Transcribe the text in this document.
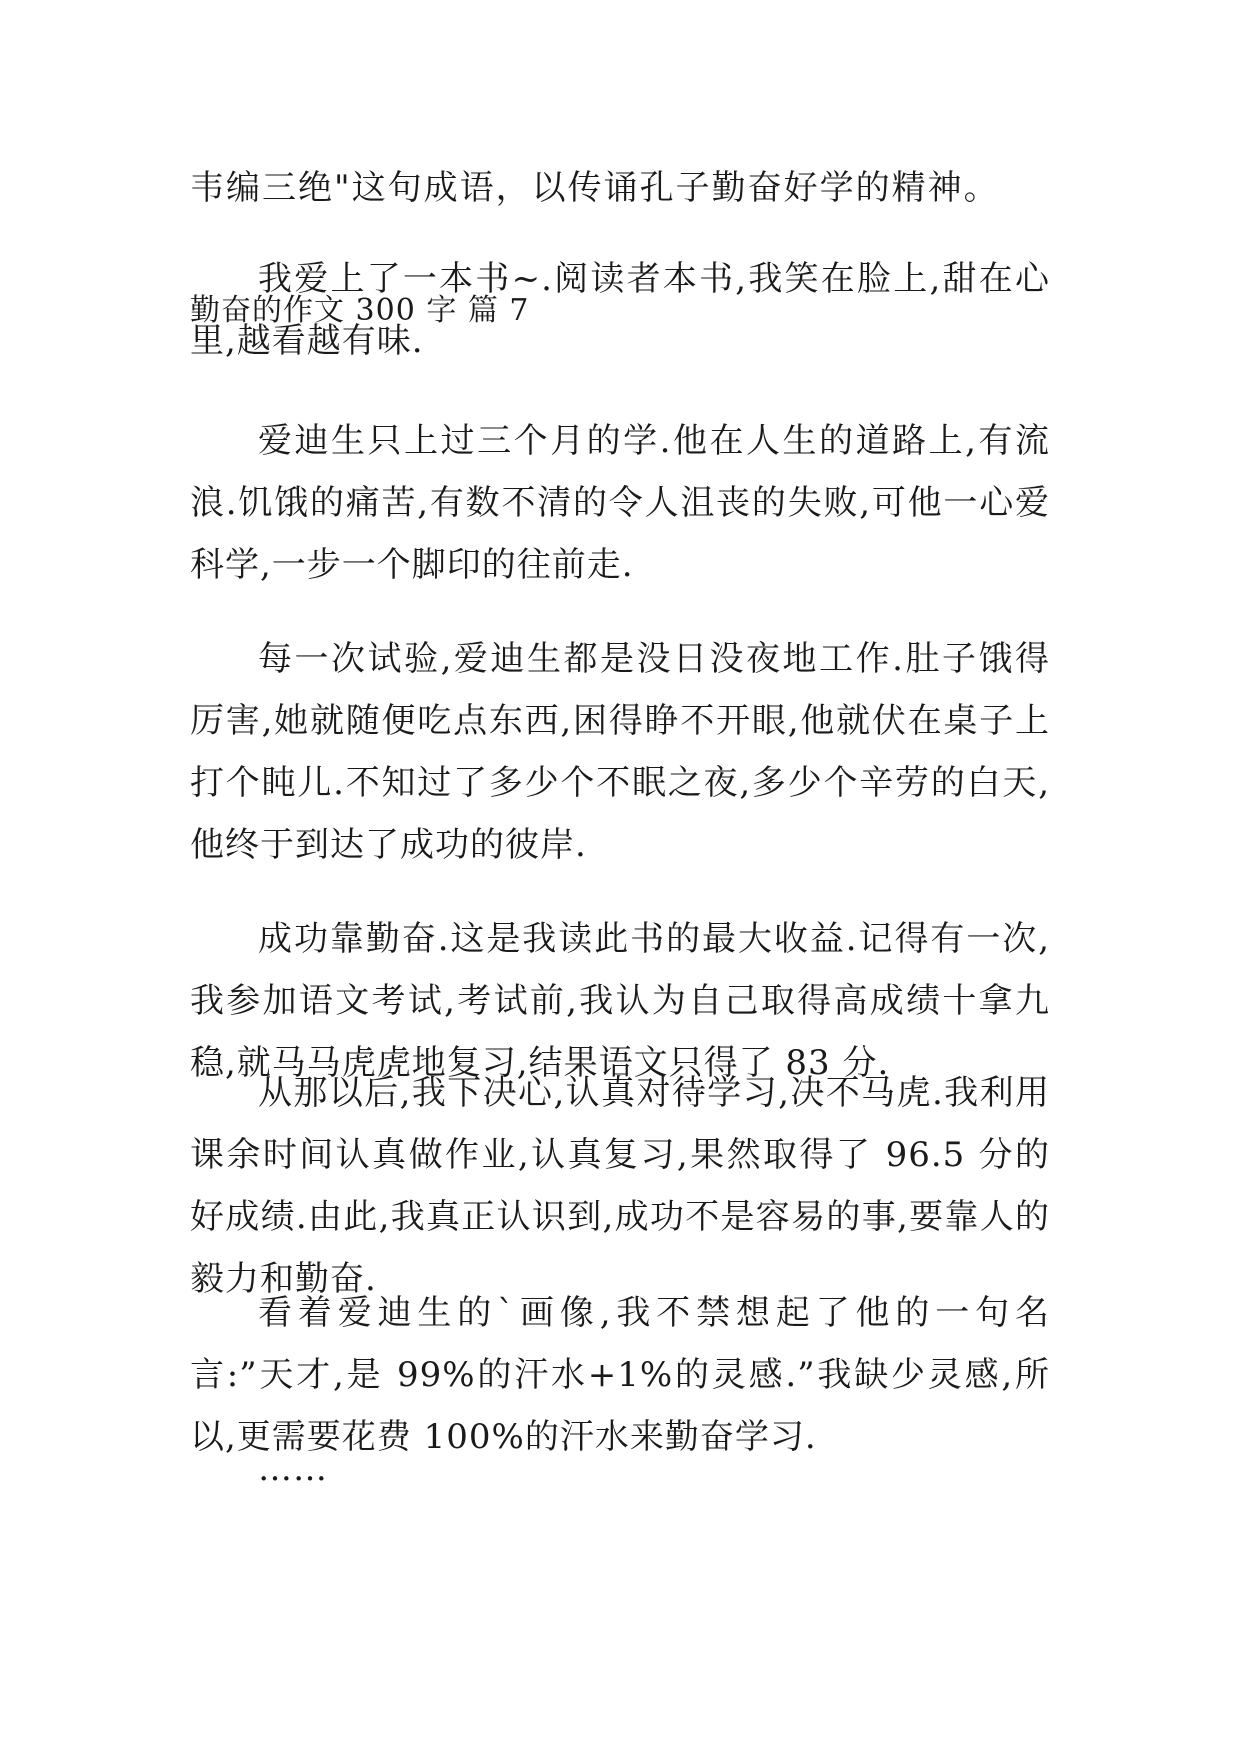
韦编三绝"这句成语，以传诵孔子勤奋好学的精神。
勤奋的作文 300 字 篇 7
我爱上了一本书~.阅读者本书,我笑在脸上,甜在心里,越看越有味.
爱迪生只上过三个月的学.他在人生的道路上,有流浪.饥饿的痛苦,有数不清的令人沮丧的失败,可他一心爱科学,一步一个脚印的往前走.
每一次试验,爱迪生都是没日没夜地工作.肚子饿得厉害,她就随便吃点东西,困得睁不开眼,他就伏在桌子上打个盹儿.不知过了多少个不眠之夜,多少个辛劳的白天,他终于到达了成功的彼岸.
成功靠勤奋.这是我读此书的最大收益.记得有一次,我参加语文考试,考试前,我认为自己取得高成绩十拿九稳,就马马虎虎地复习,结果语文只得了 83 分.
从那以后,我下决心,认真对待学习,决不马虎.我利用课余时间认真做作业,认真复习,果然取得了 96.5 分的好成绩.由此,我真正认识到,成功不是容易的事,要靠人的毅力和勤奋.
看着爱迪生的`画像,我不禁想起了他的一句名言:”天才,是 99%的汗水+1%的灵感.”我缺少灵感,所以,更需要花费 100%的汗水来勤奋学习.
……
